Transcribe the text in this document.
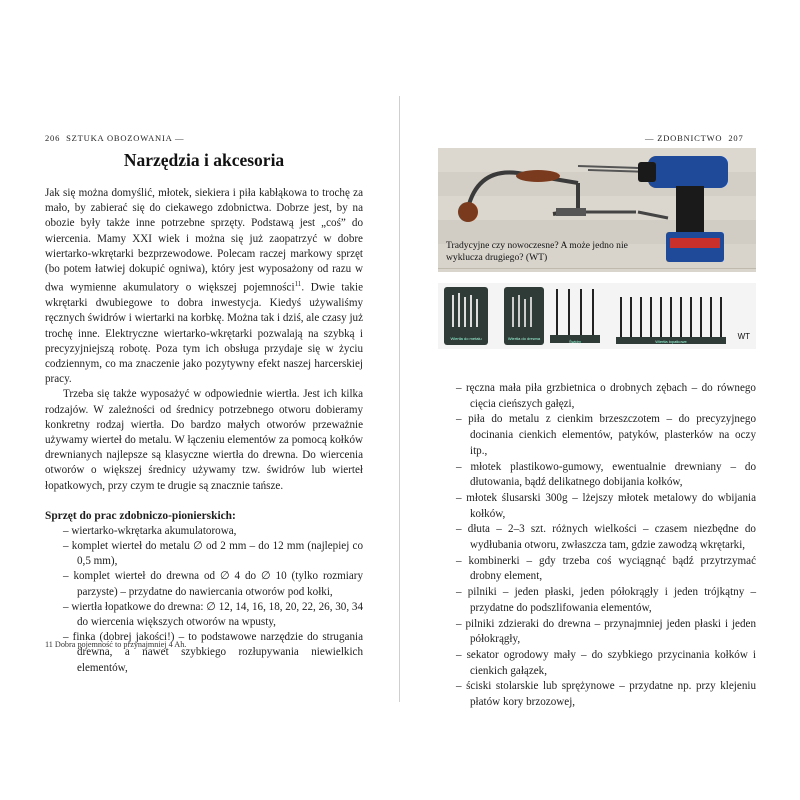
206 SZTUKA OBOZOWANIA —
Narzędzia i akcesoria

Jak się można domyślić, młotek, siekiera i piła kabłąkowa to trochę za mało, by zabierać się do ciekawego zdobnictwa. Dobrze jest, by na obozie były także inne potrzebne sprzęty. Podstawą jest „coś” do wiercenia. Mamy XXI wiek i można się już zaopatrzyć w dobre wiertarko-wkrętarki bezprzewodowe. Polecam raczej markowy sprzęt (bo potem łatwiej dokupić ogniwa), który jest wyposażony od razu w dwa wymienne akumulatory o większej pojemności$^{11}$. Dwie takie wkrętarki dwubiegowe to dobra inwestycja. Kiedyś używaliśmy ręcznych świdrów i wiertarki na korbkę. Można tak i dziś, ale czasy już trochę inne. Elektryczne wiertarko-wkrętarki pozwalają na szybką i precyzyjniejszą robotę. Poza tym ich obsługa przydaje się w życiu codziennym, co ma znaczenie jako pozytywny efekt naszej harcerskiej pracy.

Trzeba się także wyposażyć w odpowiednie wiertła. Jest ich kilka rodzajów. W zależności od średnicy potrzebnego otworu dobieramy konkretny rodzaj wiertła. Do bardzo małych otworów przeważnie używamy wierteł do metalu. W łączeniu elementów za pomocą kołków drewnianych najlepsze są klasyczne wiertła do drewna. Do wiercenia otworów o większej średnicy używamy tzw. świdrów lub wierteł łopatkowych, przy czym te drugie są znacznie tańsze.

Sprzęt do prac zdobniczo-pionierskich:
– wiertarko-wkrętarka akumulatorowa,
– komplet wierteł do metalu ∅ od 2 mm – do 12 mm (najlepiej co 0,5 mm),
– komplet wierteł do drewna od ∅ 4 do ∅ 10 (tylko rozmiary parzyste) – przydatne do nawiercania otworów pod kołki,
– wiertła łopatkowe do drewna: ∅ 12, 14, 16, 18, 20, 22, 26, 30, 34 do wiercenia większych otworów na wpusty,
– finka (dobrej jakości!) – to podstawowe narzędzie do strugania drewna, a nawet szybkiego rozłupywania niewielkich elementów,
11 Dobra pojemność to przynajmniej 4 Ah.
— ZDOBNICTWO 207
Tradycyjne czy nowoczesne? A może jedno nie wyklucza drugiego? (WT)
Wiertła do metalu	Wiertła do drewna
Świdry	Wiertła łopatkowe
WT
– ręczna mała piła grzbietnica o drobnych zębach – do równego cięcia cieńszych gałęzi,
– piła do metalu z cienkim brzeszczotem – do precyzyjnego docinania cienkich elementów, patyków, plasterków na oczy itp.,
– młotek plastikowo-gumowy, ewentualnie drewniany – do dłutowania, bądź delikatnego dobijania kołków,
– młotek ślusarski 300g – lżejszy młotek metalowy do wbijania kołków,
– dłuta – 2–3 szt. różnych wielkości – czasem niezbędne do wydłubania otworu, zwłaszcza tam, gdzie zawodzą wkrętarki,
– kombinerki – gdy trzeba coś wyciągnąć bądź przytrzymać drobny element,
– pilniki – jeden płaski, jeden półokrągły i jeden trójkątny – przydatne do podszlifowania elementów,
– pilniki zdzieraki do drewna – przynajmniej jeden płaski i jeden półokrągły,
– sekator ogrodowy mały – do szybkiego przycinania kołków i cienkich gałązek,
– ściski stolarskie lub sprężynowe – przydatne np. przy klejeniu płatów kory brzozowej,
